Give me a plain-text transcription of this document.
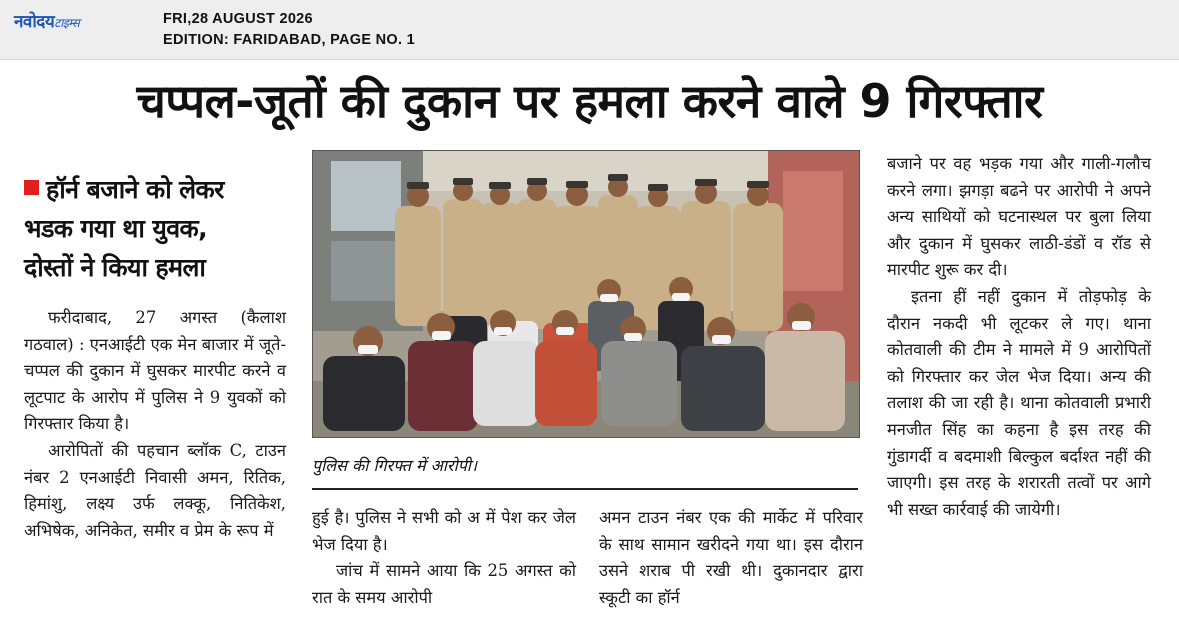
नवोदयटाइम्स	FRI,28 AUGUST 2026
EDITION: FARIDABAD, PAGE NO. 1
चप्पल-जूतों की दुकान पर हमला करने वाले 9 गिरफ्तार
हॉर्न बजाने को लेकर
भडक गया था युवक,
दोस्तों ने किया हमला

फरीदाबाद, 27 अगस्त (कैलाश गठवाल) : एनआईटी एक मेन बाजार में जूते-चप्पल की दुकान में घुसकर मारपीट करने व लूटपाट के आरोप में पुलिस ने 9 युवकों को गिरफ्तार किया है।

आरोपितों की पहचान ब्लॉक C, टाउन नंबर 2 एनआईटी निवासी अमन, रितिक, हिमांशु, लक्ष्य उर्फ लक्कू, नितिकेश, अभिषेक, अनिकेत, समीर व प्रेम के रूप में

पुलिस की गिरफ्त में आरोपी।

हुई है। पुलिस ने सभी को अ में पेश कर जेल भेज दिया है।

जांच में सामने आया कि 25 अगस्त को रात के समय आरोपी

अमन टाउन नंबर एक की मार्केट में परिवार के साथ सामान खरीदने गया था। इस दौरान उसने शराब पी रखी थी। दुकानदार द्वारा स्कूटी का हॉर्न

बजाने पर वह भड़क गया और गाली-गलौच करने लगा। झगड़ा बढने पर आरोपी ने अपने अन्य साथियों को घटनास्थल पर बुला लिया और दुकान में घुसकर लाठी-डंडों व रॉड से मारपीट शुरू कर दी।

इतना हीं नहीं दुकान में तोड़फोड़ के दौरान नकदी भी लूटकर ले गए। थाना कोतवाली की टीम ने मामले में 9 आरोपितों को गिरफ्तार कर जेल भेज दिया। अन्य की तलाश की जा रही है। थाना कोतवाली प्रभारी मनजीत सिंह का कहना है इस तरह की गुंडागर्दी व बदमाशी बिल्कुल बर्दाश्त नहीं की जाएगी। इस तरह के शरारती तत्वों पर आगे भी सख्त कार्रवाई की जायेगी।
